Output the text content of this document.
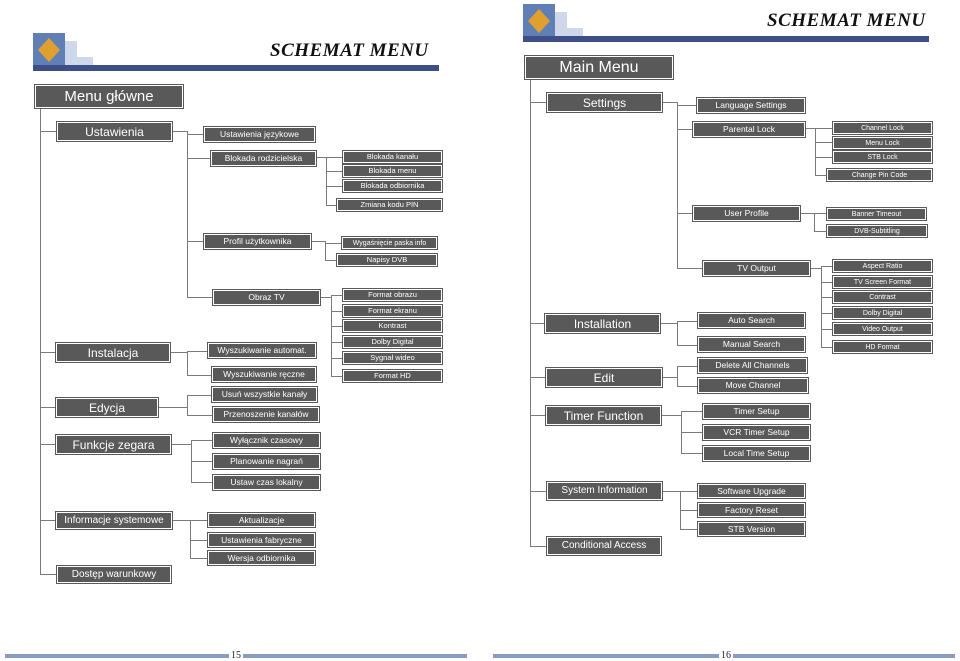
SCHEMAT MENU
Menu główne
Ustawienia
Instalacja
Edycja
Funkcje zegara
Informacje systemowe
Dostęp warunkowy
Ustawienia językowe
Blokada rodzicielska
Profil użytkownika
Obraz TV
Blokada kanału
Blokada menu
Blokada odbiornika
Zmiana kodu PIN
Wygaśnięcie paska info
Napisy DVB
Format obrazu
Format ekranu
Kontrast
Dolby Digital
Sygnał wideo
Format HD
Wyszukiwanie automat.
Wyszukiwanie ręczne
Usuń wszystkie kanały
Przenoszenie kanałów
Wyłącznik czasowy
Planowanie nagrań
Ustaw czas lokalny
Aktualizacje
Ustawienia fabryczne
Wersja odbiornika
15
SCHEMAT MENU
Main Menu
Settings
Installation
Edit
Timer Function
System Information
Conditional Access
Language Settings
Parental Lock
User Profile
TV Output
Channel Lock
Menu Lock
STB Lock
Change Pin Code
Banner Timeout
DVB-Subtitling
Aspect Ratio
TV Screen Format
Contrast
Dolby Digital
Video Output
HD Format
Auto Search
Manual Search
Delete All Channels
Move Channel
Timer Setup
VCR Timer Setup
Local Time Setup
Software Upgrade
Factory Reset
STB Version
16
